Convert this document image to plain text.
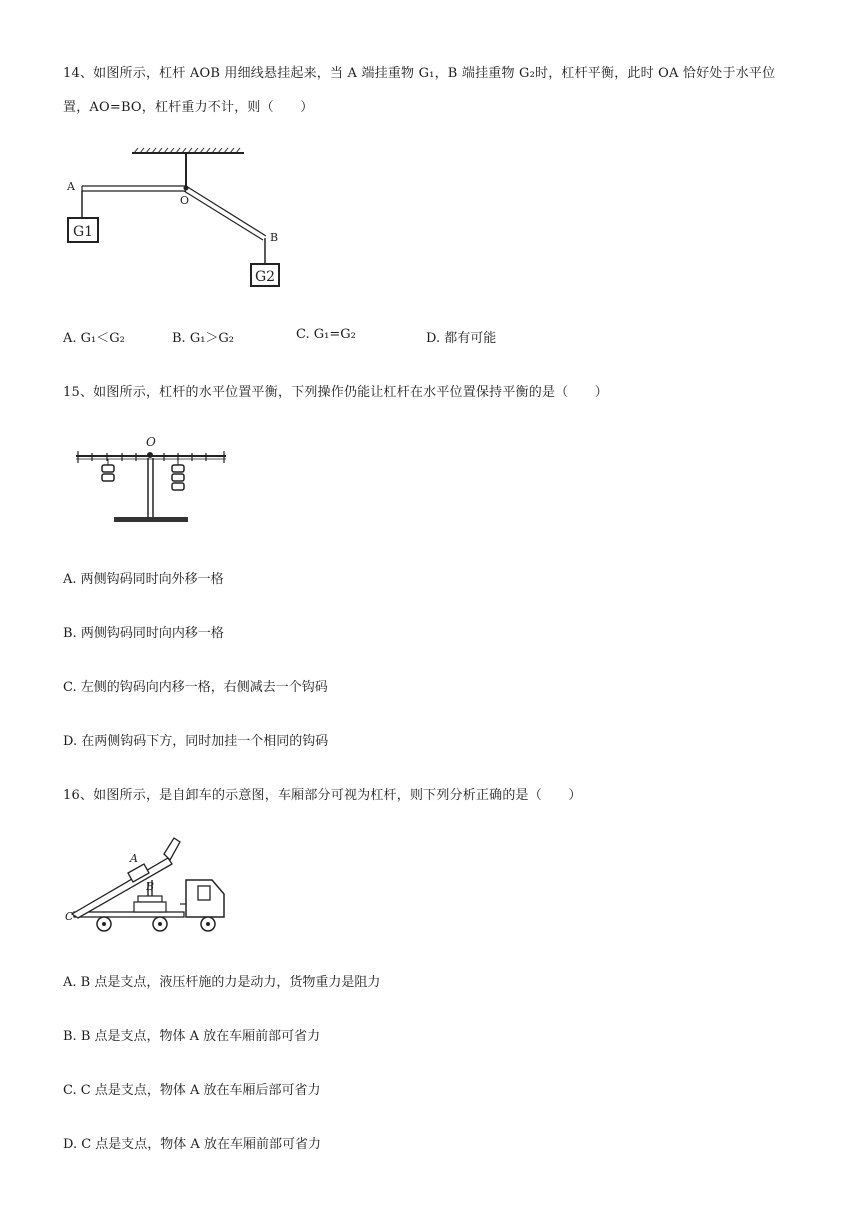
14、如图所示，杠杆 AOB 用细线悬挂起来，当 A 端挂重物 G₁，B 端挂重物 G₂时，杠杆平衡，此时 OA 恰好处于水平位
置，AO=BO，杠杆重力不计，则（　　）
G1
G2
A
O
B
A. G₁＜G₂	B. G₁＞G₂	C. G₁=G₂	D. 都有可能
15、如图所示，杠杆的水平位置平衡，下列操作仍能让杠杆在水平位置保持平衡的是（　　）
O
A. 两侧钩码同时向外移一格
B. 两侧钩码同时向内移一格
C. 左侧的钩码向内移一格，右侧减去一个钩码
D. 在两侧钩码下方，同时加挂一个相同的钩码
16、如图所示，是自卸车的示意图，车厢部分可视为杠杆，则下列分析正确的是（　　）
A
B
C
A. B 点是支点，液压杆施的力是动力，货物重力是阻力
B. B 点是支点，物体 A 放在车厢前部可省力
C. C 点是支点，物体 A 放在车厢后部可省力
D. C 点是支点，物体 A 放在车厢前部可省力
